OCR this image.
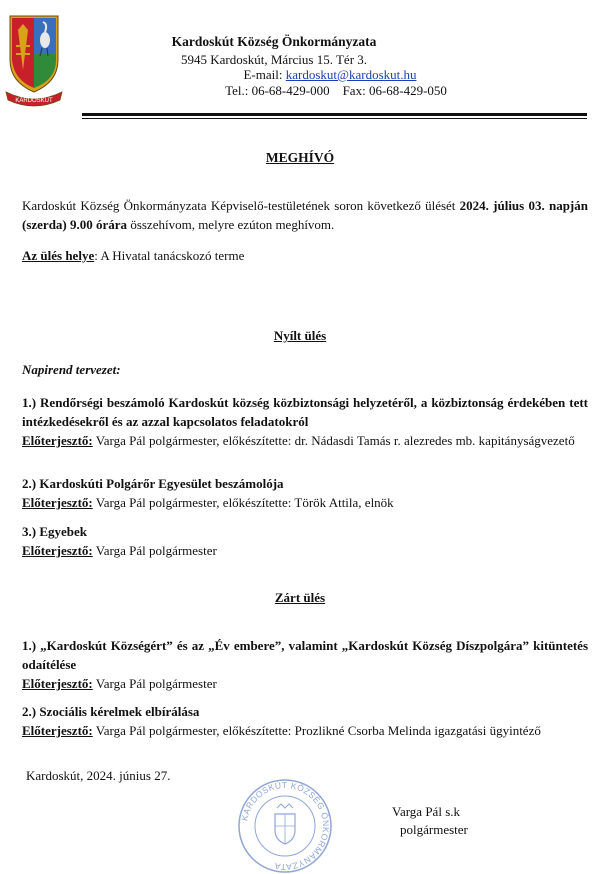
KARDOSKÚT
Kardoskút Község Önkormányzata
5945 Kardoskút, Március 15. Tér 3.
E-mail: kardoskut@kardoskut.hu
Tel.: 06-68-429-000    Fax: 06-68-429-050
MEGHÍVÓ
Kardoskút Község Önkormányzata Képviselő-testületének soron következő ülését 2024. július 03. napján (szerda) 9.00 órára összehívom, melyre ezúton meghívom.
Az ülés helye: A Hivatal tanácskozó terme
Nyílt ülés
Napirend tervezet:
1.) Rendőrségi beszámoló Kardoskút község közbiztonsági helyzetéről, a közbiztonság érdekében tett intézkedésekről és az azzal kapcsolatos feladatokról
Előterjesztő: Varga Pál polgármester, előkészítette: dr. Nádasdi Tamás r. alezredes mb. kapitányságvezető
2.) Kardoskúti Polgárőr Egyesület beszámolója
Előterjesztő: Varga Pál polgármester, előkészítette: Török Attila, elnök
3.) Egyebek
Előterjesztő: Varga Pál polgármester
Zárt ülés
1.) „Kardoskút Községért” és az „Év embere”, valamint „Kardoskút Község Díszpolgára” kitüntetés odaítélése
Előterjesztő: Varga Pál polgármester
2.) Szociális kérelmek elbírálása
Előterjesztő: Varga Pál polgármester, előkészítette: Prozlikné Csorba Melinda igazgatási ügyintéző
Kardoskút, 2024. június 27.
KARDOSKÚT KÖZSÉG ÖNKORMÁNYZATA
Varga Pál s.k
polgármester
